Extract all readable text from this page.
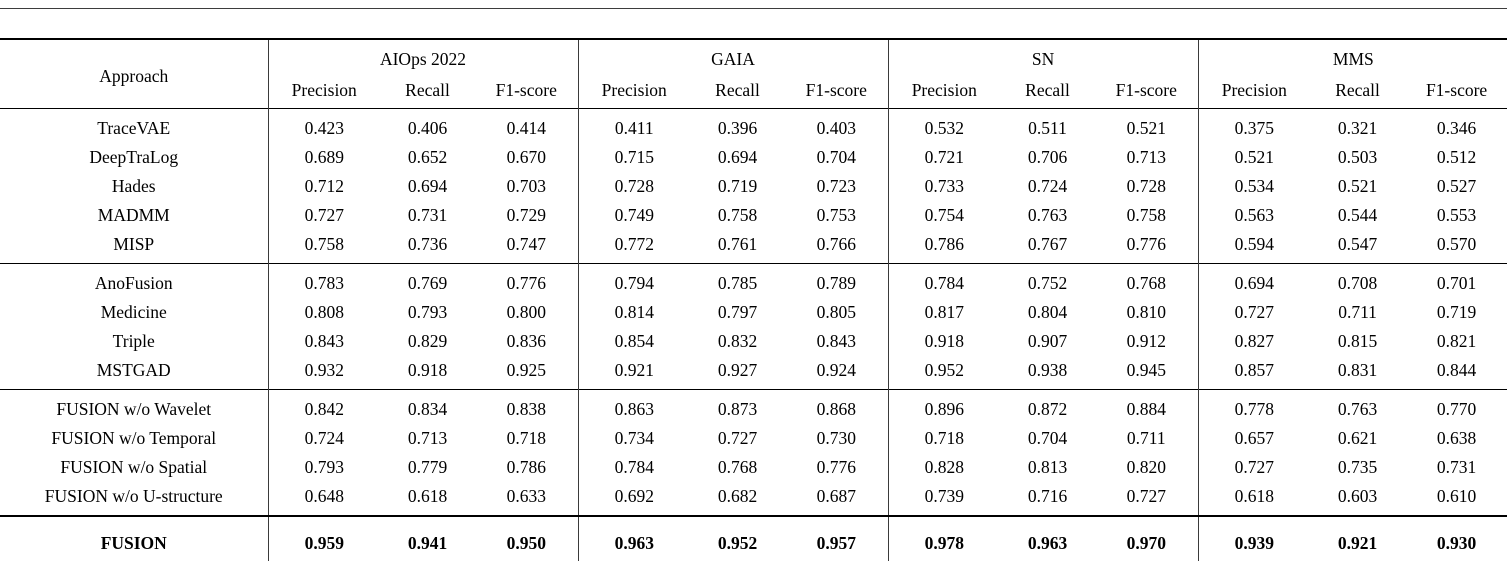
Approach	AIOps 2022			GAIA			SN			MMS		
	Precision	Recall	F1-score	Precision	Recall	F1-score	Precision	Recall	F1-score	Precision	Recall	F1-score
TraceVAE	0.423	0.406	0.414	0.411	0.396	0.403	0.532	0.511	0.521	0.375	0.321	0.346
DeepTraLog	0.689	0.652	0.670	0.715	0.694	0.704	0.721	0.706	0.713	0.521	0.503	0.512
Hades	0.712	0.694	0.703	0.728	0.719	0.723	0.733	0.724	0.728	0.534	0.521	0.527
MADMM	0.727	0.731	0.729	0.749	0.758	0.753	0.754	0.763	0.758	0.563	0.544	0.553
MISP	0.758	0.736	0.747	0.772	0.761	0.766	0.786	0.767	0.776	0.594	0.547	0.570
AnoFusion	0.783	0.769	0.776	0.794	0.785	0.789	0.784	0.752	0.768	0.694	0.708	0.701
Medicine	0.808	0.793	0.800	0.814	0.797	0.805	0.817	0.804	0.810	0.727	0.711	0.719
Triple	0.843	0.829	0.836	0.854	0.832	0.843	0.918	0.907	0.912	0.827	0.815	0.821
MSTGAD	0.932	0.918	0.925	0.921	0.927	0.924	0.952	0.938	0.945	0.857	0.831	0.844
FUSION w/o Wavelet	0.842	0.834	0.838	0.863	0.873	0.868	0.896	0.872	0.884	0.778	0.763	0.770
FUSION w/o Temporal	0.724	0.713	0.718	0.734	0.727	0.730	0.718	0.704	0.711	0.657	0.621	0.638
FUSION w/o Spatial	0.793	0.779	0.786	0.784	0.768	0.776	0.828	0.813	0.820	0.727	0.735	0.731
FUSION w/o U-structure	0.648	0.618	0.633	0.692	0.682	0.687	0.739	0.716	0.727	0.618	0.603	0.610
FUSION	0.959	0.941	0.950	0.963	0.952	0.957	0.978	0.963	0.970	0.939	0.921	0.930
